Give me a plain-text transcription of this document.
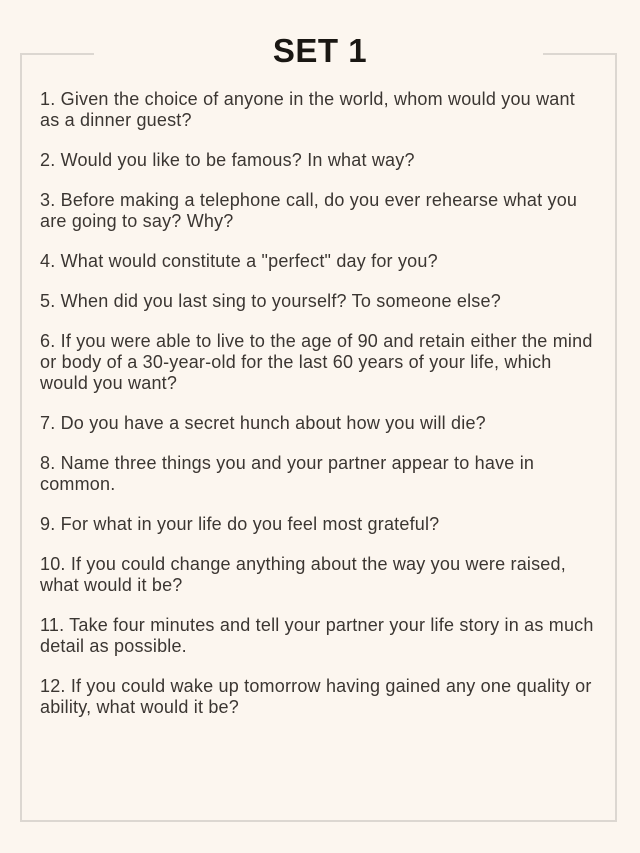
SET 1

1. Given the choice of anyone in the world, whom would you want as a dinner guest?

2. Would you like to be famous? In what way?

3. Before making a telephone call, do you ever rehearse what you are going to say? Why?

4. What would constitute a "perfect" day for you?

5. When did you last sing to yourself? To someone else?

6. If you were able to live to the age of 90 and retain either the mind or body of a 30-year-old for the last 60 years of your life, which would you want?

7. Do you have a secret hunch about how you will die?

8. Name three things you and your partner appear to have in common.

9. For what in your life do you feel most grateful?

10. If you could change anything about the way you were raised, what would it be?

11. Take four minutes and tell your partner your life story in as much detail as possible.

12. If you could wake up tomorrow having gained any one quality or ability, what would it be?
